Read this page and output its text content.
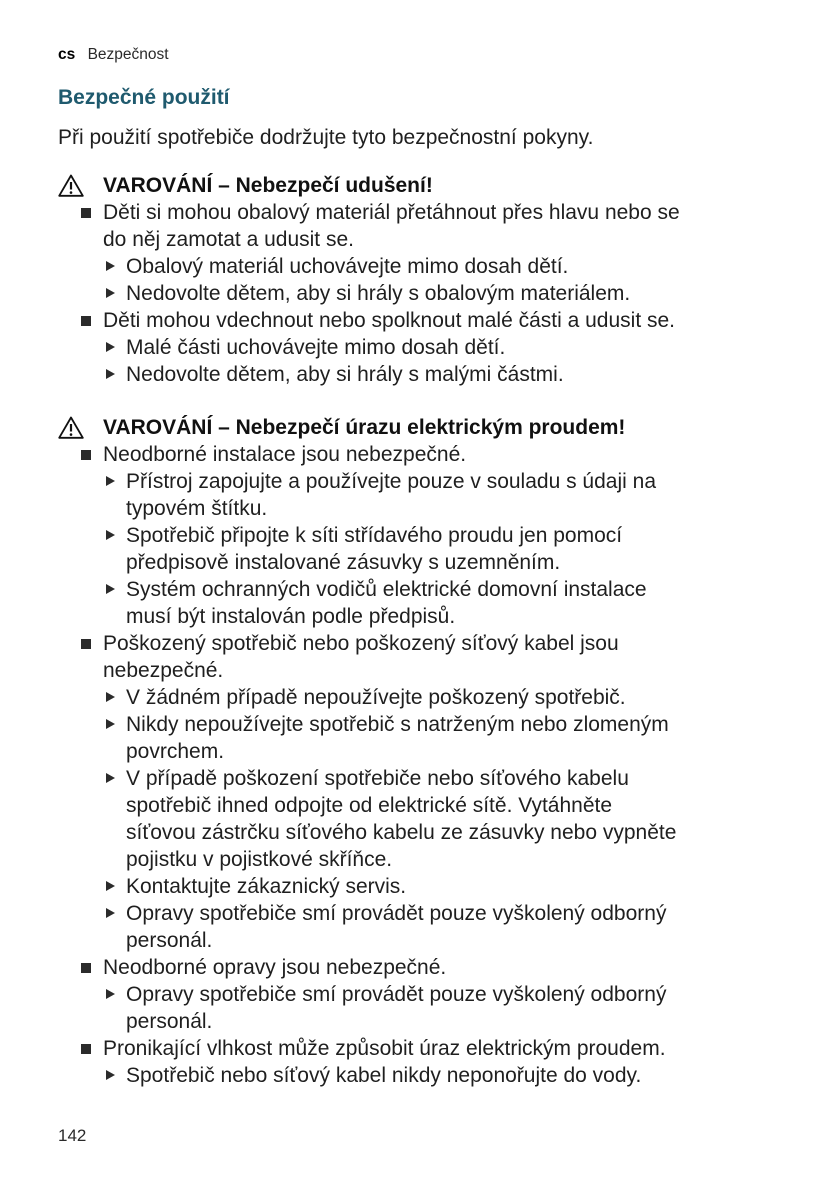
cs Bezpečnost
Bezpečné použití

Při použití spotřebiče dodržujte tyto bezpečnostní pokyny.

VAROVÁNÍ – Nebezpečí udušení!
Děti si mohou obalový materiál přetáhnout přes hlavu nebo se
do něj zamotat a udusit se.
Obalový materiál uchovávejte mimo dosah dětí.
Nedovolte dětem, aby si hrály s obalovým materiálem.
Děti mohou vdechnout nebo spolknout malé části a udusit se.
Malé části uchovávejte mimo dosah dětí.
Nedovolte dětem, aby si hrály s malými částmi.
VAROVÁNÍ – Nebezpečí úrazu elektrickým proudem!
Neodborné instalace jsou nebezpečné.
Přístroj zapojujte a používejte pouze v souladu s údaji na
typovém štítku.
Spotřebič připojte k síti střídavého proudu jen pomocí
předpisově instalované zásuvky s uzemněním.
Systém ochranných vodičů elektrické domovní instalace
musí být instalován podle předpisů.
Poškozený spotřebič nebo poškozený síťový kabel jsou
nebezpečné.
V žádném případě nepoužívejte poškozený spotřebič.
Nikdy nepoužívejte spotřebič s natrženým nebo zlomeným
povrchem.
V případě poškození spotřebiče nebo síťového kabelu
spotřebič ihned odpojte od elektrické sítě. Vytáhněte
síťovou zástrčku síťového kabelu ze zásuvky nebo vypněte
pojistku v pojistkové skříňce.
Kontaktujte zákaznický servis.
Opravy spotřebiče smí provádět pouze vyškolený odborný
personál.
Neodborné opravy jsou nebezpečné.
Opravy spotřebiče smí provádět pouze vyškolený odborný
personál.
Pronikající vlhkost může způsobit úraz elektrickým proudem.
Spotřebič nebo síťový kabel nikdy neponořujte do vody.
142
